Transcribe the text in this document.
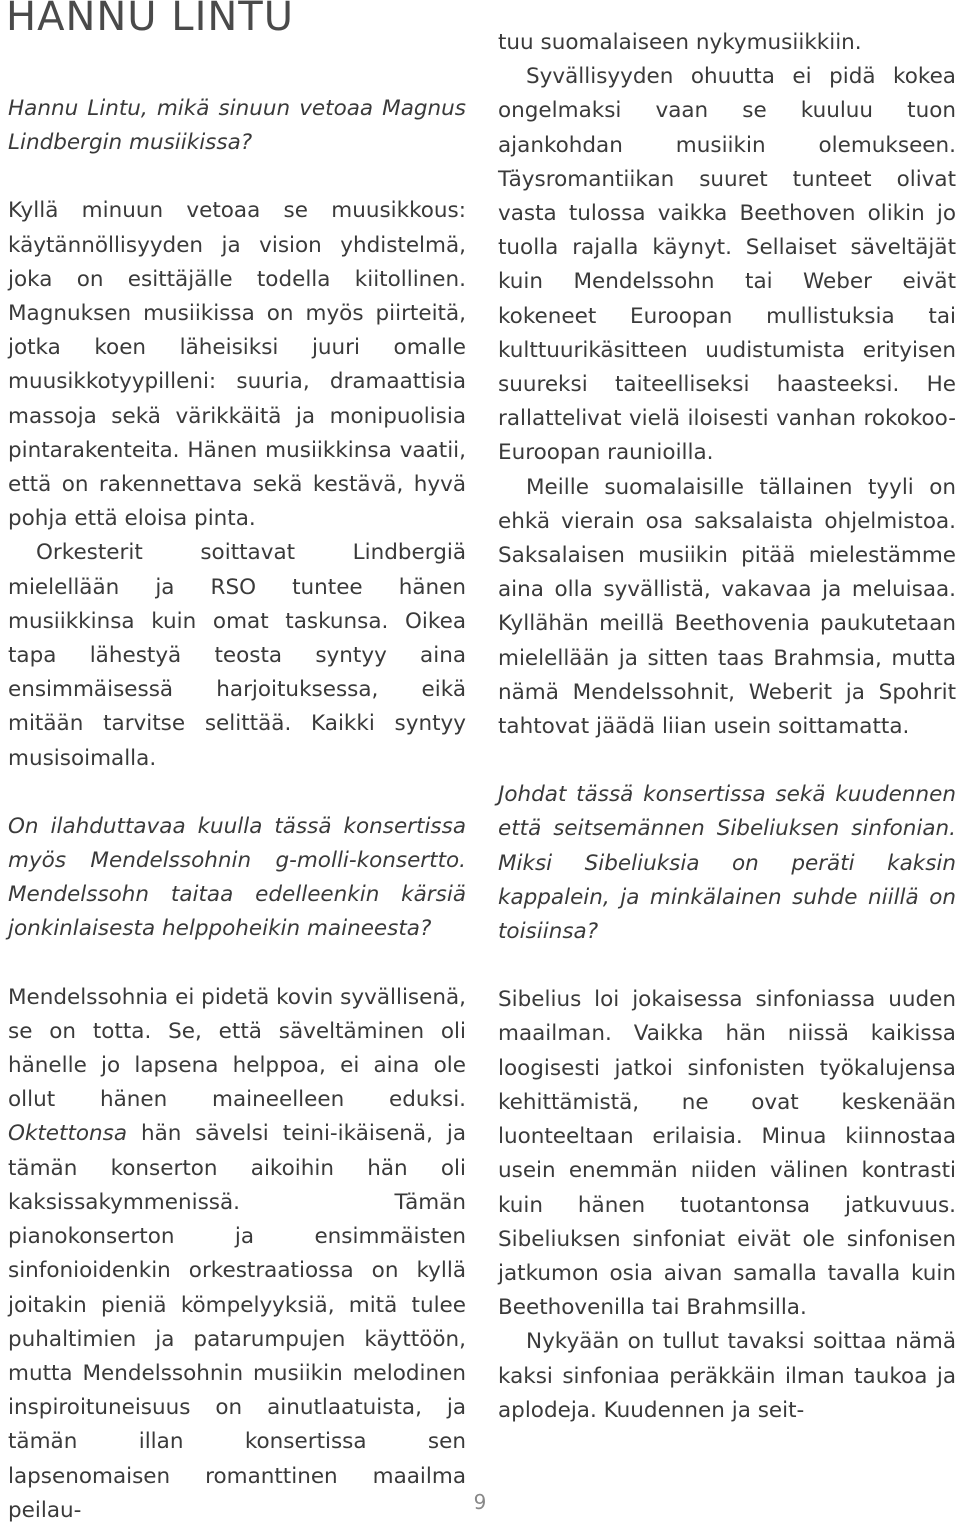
HANNU LINTU

Hannu Lintu, mikä sinuun vetoaa Magnus Lindbergin musiikissa?

Kyllä minuun vetoaa se muusikkous: käytännöllisyyden ja vision yhdistelmä, joka on esittäjälle todella kiitollinen. Magnuksen musiikissa on myös piirteitä, jotka koen läheisiksi juuri omalle muusikkotyypilleni: suuria, dramaattisia massoja sekä värikkäitä ja monipuolisia pintarakenteita. Hänen musiikkinsa vaatii, että on rakennettava sekä kestävä, hyvä pohja että eloisa pinta.

Orkesterit soittavat Lindbergiä mielellään ja RSO tuntee hänen musiikkinsa kuin omat taskunsa. Oikea tapa lähestyä teosta syntyy aina ensimmäisessä harjoituksessa, eikä mitään tarvitse selittää. Kaikki syntyy musisoimalla.

On ilahduttavaa kuulla tässä konsertissa myös Mendelssohnin g-molli-konsertto. Mendelssohn taitaa edelleenkin kärsiä jonkinlaisesta helppoheikin maineesta?

Mendelssohnia ei pidetä kovin syvällisenä, se on totta. Se, että säveltäminen oli hänelle jo lapsena helppoa, ei aina ole ollut hänen maineelleen eduksi. Oktettonsa hän sävelsi teini-ikäisenä, ja tämän konserton aikoihin hän oli kaksissakymmenissä. Tämän pianokonserton ja ensimmäisten sinfonioidenkin orkestraatiossa on kyllä joitakin pieniä kömpelyyksiä, mitä tulee puhaltimien ja patarumpujen käyttöön, mutta Mendelssohnin musiikin melodinen inspiroituneisuus on ainutlaatuista, ja tämän illan konsertissa sen lapsenomaisen romanttinen maailma peilau-

tuu suomalaiseen nykymusiikkiin.

Syvällisyyden ohuutta ei pidä kokea ongelmaksi vaan se kuuluu tuon ajankohdan musiikin olemukseen. Täysromantiikan suuret tunteet olivat vasta tulossa vaikka Beethoven olikin jo tuolla rajalla käynyt. Sellaiset säveltäjät kuin Mendelssohn tai Weber eivät kokeneet Euroopan mullistuksia tai kulttuurikäsitteen uudistumista erityisen suureksi taiteelliseksi haasteeksi. He rallattelivat vielä iloisesti vanhan rokokoo-Euroopan raunioilla.

Meille suomalaisille tällainen tyyli on ehkä vierain osa saksalaista ohjelmistoa. Saksalaisen musiikin pitää mielestämme aina olla syvällistä, vakavaa ja meluisaa. Kyllähän meillä Beethovenia paukutetaan mielellään ja sitten taas Brahmsia, mutta nämä Mendelssohnit, Weberit ja Spohrit tahtovat jäädä liian usein soittamatta.

Johdat tässä konsertissa sekä kuudennen että seitsemännen Sibeliuksen sinfonian. Miksi Sibeliuksia on peräti kaksin kappalein, ja minkälainen suhde niillä on toisiinsa?

Sibelius loi jokaisessa sinfoniassa uuden maailman. Vaikka hän niissä kaikissa loogisesti jatkoi sinfonisten työkalujensa kehittämistä, ne ovat keskenään luonteeltaan erilaisia. Minua kiinnostaa usein enemmän niiden välinen kontrasti kuin hänen tuotantonsa jatkuvuus. Sibeliuksen sinfoniat eivät ole sinfonisen jatkumon osia aivan samalla tavalla kuin Beethovenilla tai Brahmsilla.

Nykyään on tullut tavaksi soittaa nämä kaksi sinfoniaa peräkkäin ilman taukoa ja aplodeja. Kuudennen ja seit-

9
